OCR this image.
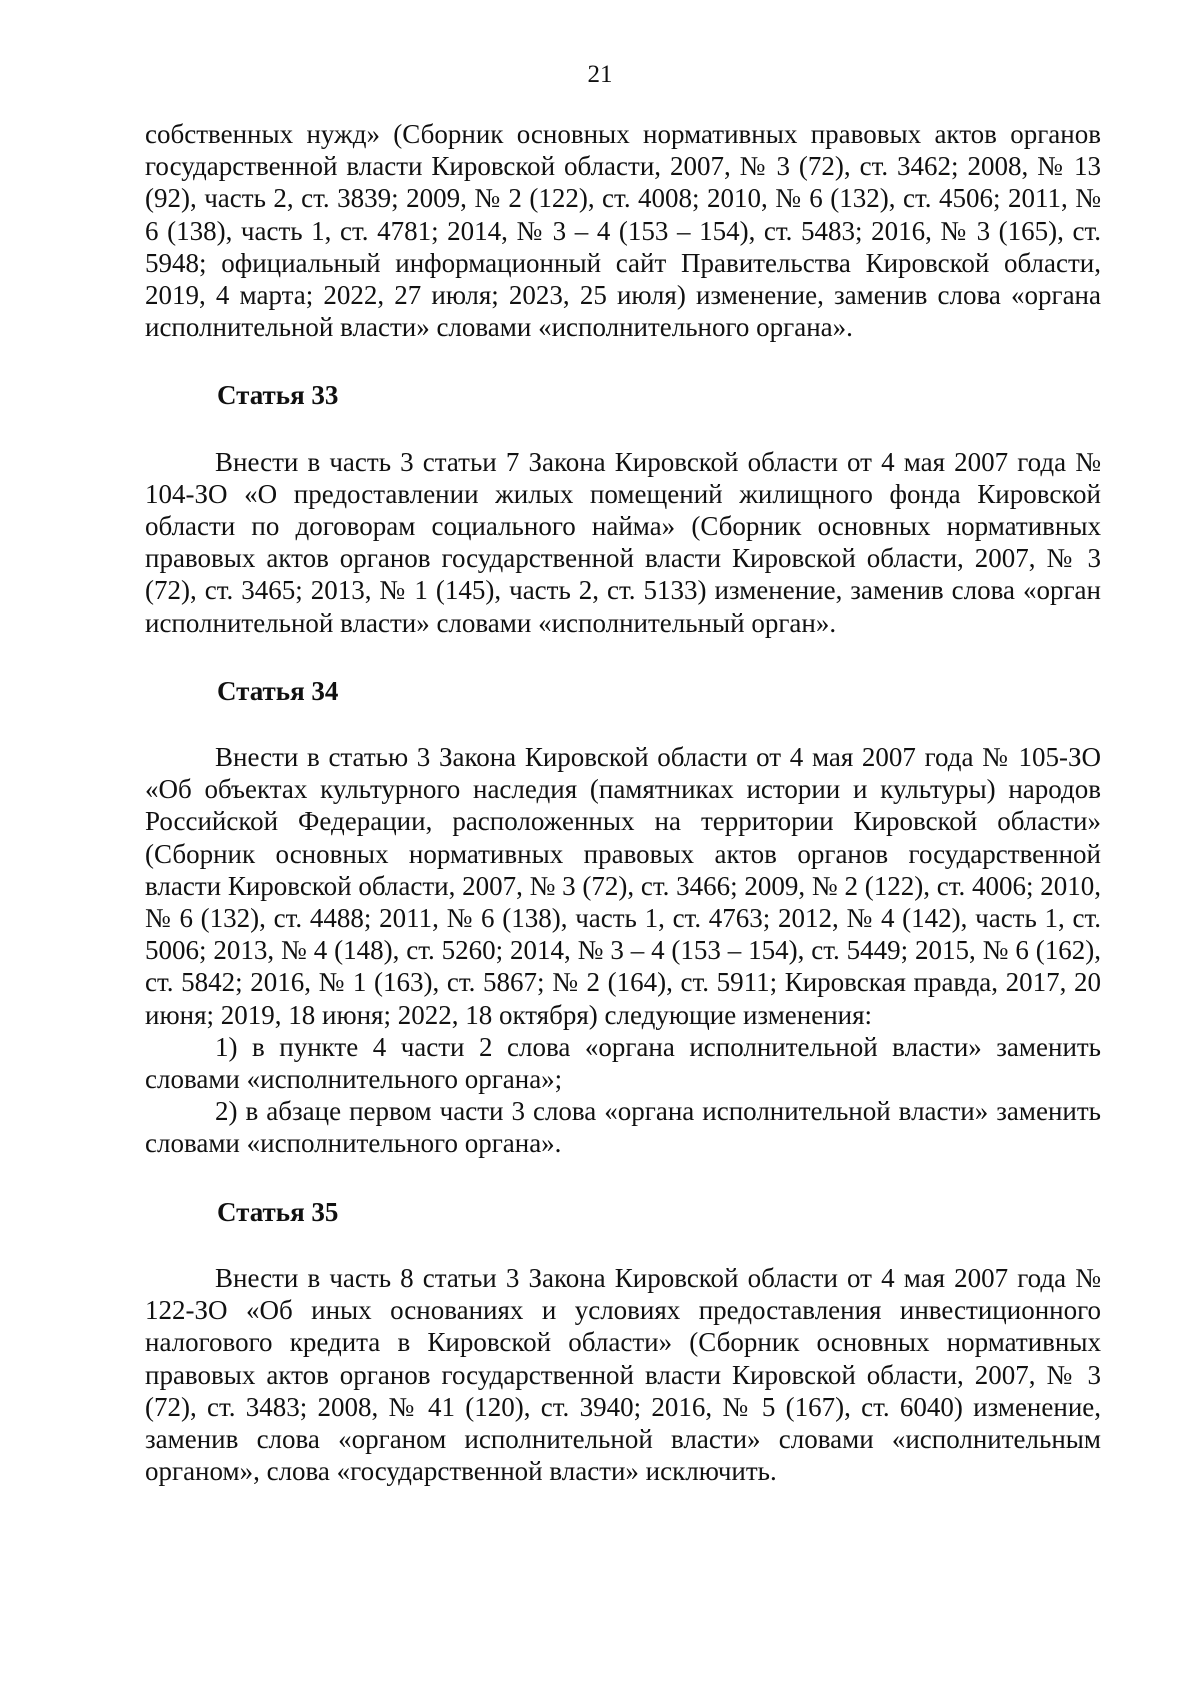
21

собственных нужд» (Сборник основных нормативных правовых актов органов государственной власти Кировской области, 2007, № 3 (72), ст. 3462; 2008, № 13 (92), часть 2, ст. 3839; 2009, № 2 (122), ст. 4008; 2010, № 6 (132), ст. 4506; 2011, № 6 (138), часть 1, ст. 4781; 2014, № 3 – 4 (153 – 154), ст. 5483; 2016, № 3 (165), ст. 5948; официальный информационный сайт Правительства Кировской области, 2019, 4 марта; 2022, 27 июля; 2023, 25 июля) изменение, заменив слова «органа исполнительной власти» словами «исполнительного органа».

Статья 33

Внести в часть 3 статьи 7 Закона Кировской области от 4 мая 2007 года № 104-ЗО «О предоставлении жилых помещений жилищного фонда Кировской области по договорам социального найма» (Сборник основных нормативных правовых актов органов государственной власти Кировской области, 2007, № 3 (72), ст. 3465; 2013, № 1 (145), часть 2, ст. 5133) изменение, заменив слова «орган исполнительной власти» словами «исполнительный орган».

Статья 34

Внести в статью 3 Закона Кировской области от 4 мая 2007 года № 105-ЗО «Об объектах культурного наследия (памятниках истории и культуры) народов Российской Федерации, расположенных на территории Кировской области» (Сборник основных нормативных правовых актов органов государственной власти Кировской области, 2007, № 3 (72), ст. 3466; 2009, № 2 (122), ст. 4006; 2010, № 6 (132), ст. 4488; 2011, № 6 (138), часть 1, ст. 4763; 2012, № 4 (142), часть 1, ст. 5006; 2013, № 4 (148), ст. 5260; 2014, № 3 – 4 (153 – 154), ст. 5449; 2015, № 6 (162), ст. 5842; 2016, № 1 (163), ст. 5867; № 2 (164), ст. 5911; Кировская правда, 2017, 20 июня; 2019, 18 июня; 2022, 18 октября) следующие изменения:

1) в пункте 4 части 2 слова «органа исполнительной власти» заменить словами «исполнительного органа»;

2) в абзаце первом части 3 слова «органа исполнительной власти» заменить словами «исполнительного органа».

Статья 35

Внести в часть 8 статьи 3 Закона Кировской области от 4 мая 2007 года № 122-ЗО «Об иных основаниях и условиях предоставления инвестиционного налогового кредита в Кировской области» (Сборник основных нормативных правовых актов органов государственной власти Кировской области, 2007, № 3 (72), ст. 3483; 2008, № 41 (120), ст. 3940; 2016, № 5 (167), ст. 6040) изменение, заменив слова «органом исполнительной власти» словами «исполнительным органом», слова «государственной власти» исключить.
